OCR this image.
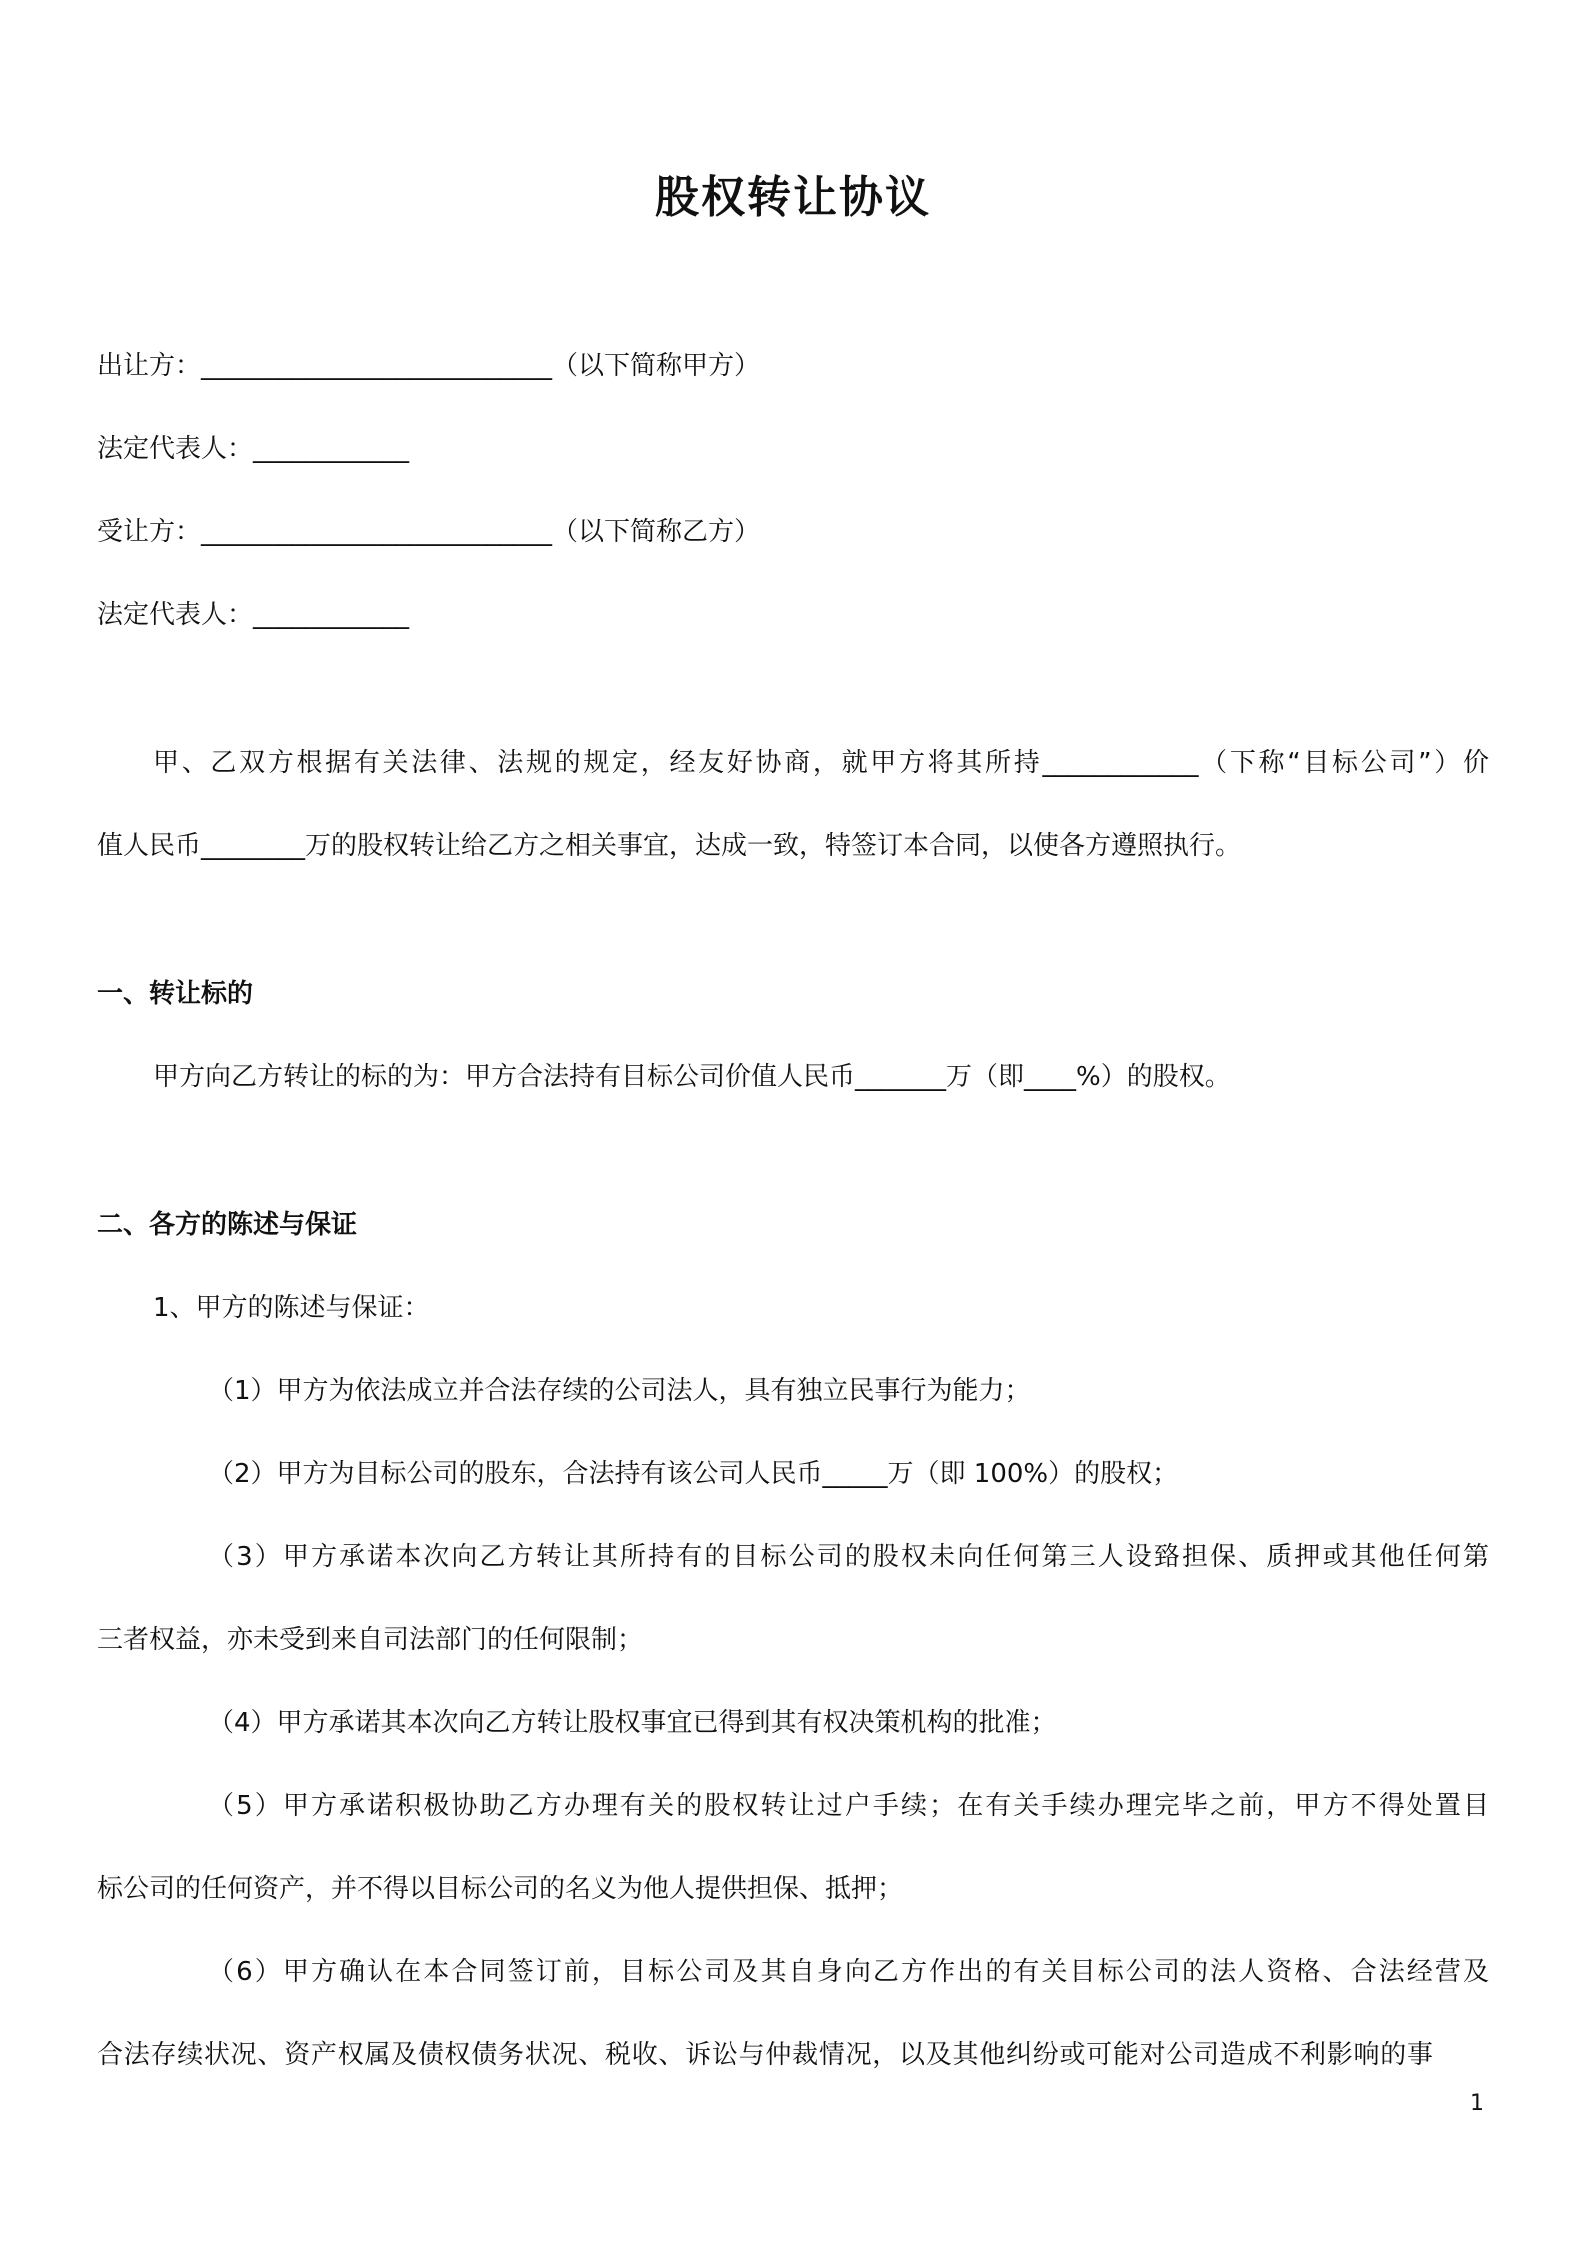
股权转让协议
出让方：___________________________（以下简称甲方）
法定代表人：____________
受让方：___________________________（以下简称乙方）
法定代表人：____________
甲、乙双方根据有关法律、法规的规定，经友好协商，就甲方将其所持____________（下称“目标公司”）价
值人民币________万的股权转让给乙方之相关事宜，达成一致，特签订本合同，以使各方遵照执行。
一、转让标的
甲方向乙方转让的标的为：甲方合法持有目标公司价值人民币_______万（即____%）的股权。
二、各方的陈述与保证
1、甲方的陈述与保证：
（1）甲方为依法成立并合法存续的公司法人，具有独立民事行为能力；
（2）甲方为目标公司的股东，合法持有该公司人民币_____万（即 100%）的股权；
（3）甲方承诺本次向乙方转让其所持有的目标公司的股权未向任何第三人设臵担保、质押或其他任何第
三者权益，亦未受到来自司法部门的任何限制；
（4）甲方承诺其本次向乙方转让股权事宜已得到其有权决策机构的批准；
（5）甲方承诺积极协助乙方办理有关的股权转让过户手续；在有关手续办理完毕之前，甲方不得处置目
标公司的任何资产，并不得以目标公司的名义为他人提供担保、抵押；
（6）甲方确认在本合同签订前，目标公司及其自身向乙方作出的有关目标公司的法人资格、合法经营及
合法存续状况、资产权属及债权债务状况、税收、诉讼与仲裁情况，以及其他纠纷或可能对公司造成不利影响的事
1
